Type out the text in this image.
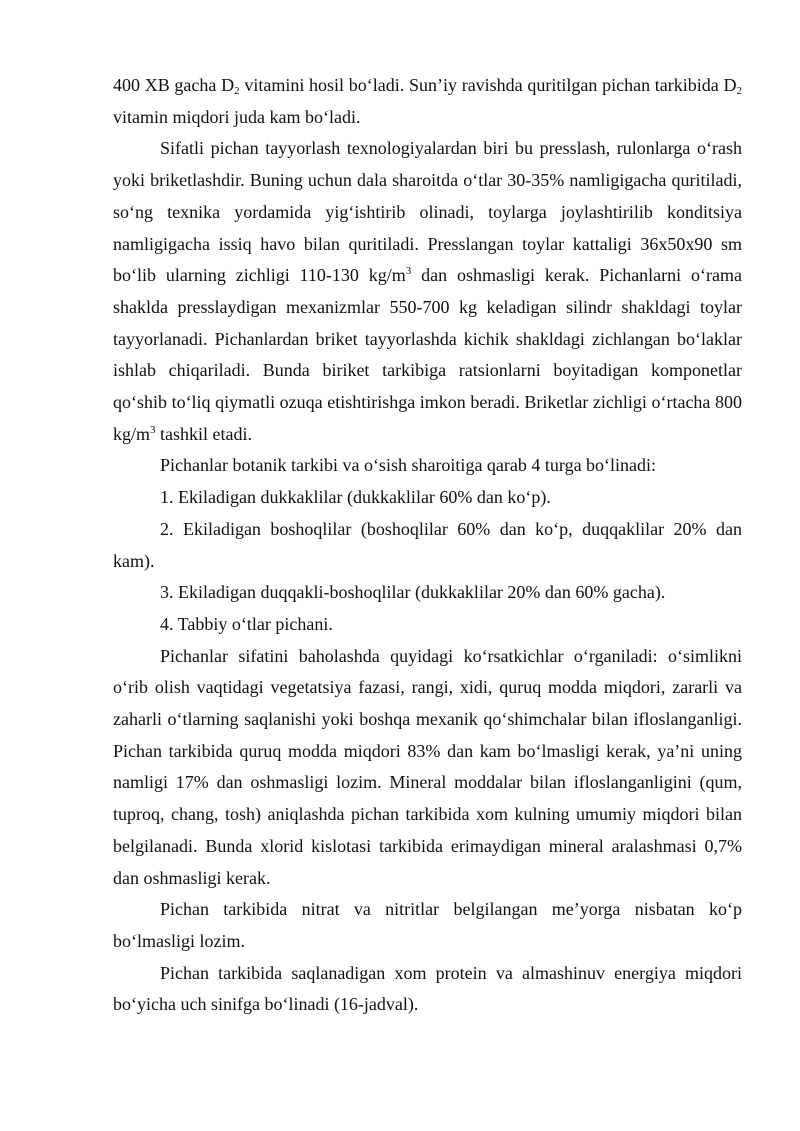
400 XB gacha $D_2$ vitamini hosil bo‘ladi. Sun’iy ravishda quritilgan pichan tarkibida $D_2$ vitamin miqdori juda kam bo‘ladi.

Sifatli pichan tayyorlash texnologiyalardan biri bu presslash, rulonlarga o‘rash yoki briketlashdir. Buning uchun dala sharoitda o‘tlar 30-35% namligigacha quritiladi, so‘ng texnika yordamida yig‘ishtirib olinadi, toylarga joylashtirilib konditsiya namligigacha issiq havo bilan quritiladi. Presslangan toylar kattaligi 36x50x90 sm bo‘lib ularning zichligi 110-130 $kg/m^3$ dan oshmasligi kerak. Pichanlarni o‘rama shaklda presslaydigan mexanizmlar 550-700 kg keladigan silindr shakldagi toylar tayyorlanadi. Pichanlardan briket tayyorlashda kichik shakldagi zichlangan bo‘laklar ishlab chiqariladi. Bunda biriket tarkibiga ratsionlarni boyitadigan komponetlar qo‘shib to‘liq qiymatli ozuqa etishtirishga imkon beradi. Briketlar zichligi o‘rtacha 800 $kg/m^3$ tashkil etadi.

Pichanlar botanik tarkibi va o‘sish sharoitiga qarab 4 turga bo‘linadi:

1. Ekiladigan dukkaklilar (dukkaklilar 60% dan ko‘p).

2. Ekiladigan boshoqlilar (boshoqlilar 60% dan ko‘p, duqqaklilar 20% dan kam).

3. Ekiladigan duqqakli-boshoqlilar (dukkaklilar 20% dan 60% gacha).

4. Tabbiy o‘tlar pichani.

Pichanlar sifatini baholashda quyidagi ko‘rsatkichlar o‘rganiladi: o‘simlikni o‘rib olish vaqtidagi vegetatsiya fazasi, rangi, xidi, quruq modda miqdori, zararli va zaharli o‘tlarning saqlanishi yoki boshqa mexanik qo‘shimchalar bilan ifloslanganligi. Pichan tarkibida quruq modda miqdori 83% dan kam bo‘lmasligi kerak, ya’ni uning namligi 17% dan oshmasligi lozim. Mineral moddalar bilan ifloslanganligini (qum, tuproq, chang, tosh) aniqlashda pichan tarkibida xom kulning umumiy miqdori bilan belgilanadi. Bunda xlorid kislotasi tarkibida erimaydigan mineral aralashmasi 0,7% dan oshmasligi kerak.

Pichan tarkibida nitrat va nitritlar belgilangan me’yorga nisbatan ko‘p bo‘lmasligi lozim.

Pichan tarkibida saqlanadigan xom protein va almashinuv energiya miqdori bo‘yicha uch sinifga bo‘linadi (16-jadval).
